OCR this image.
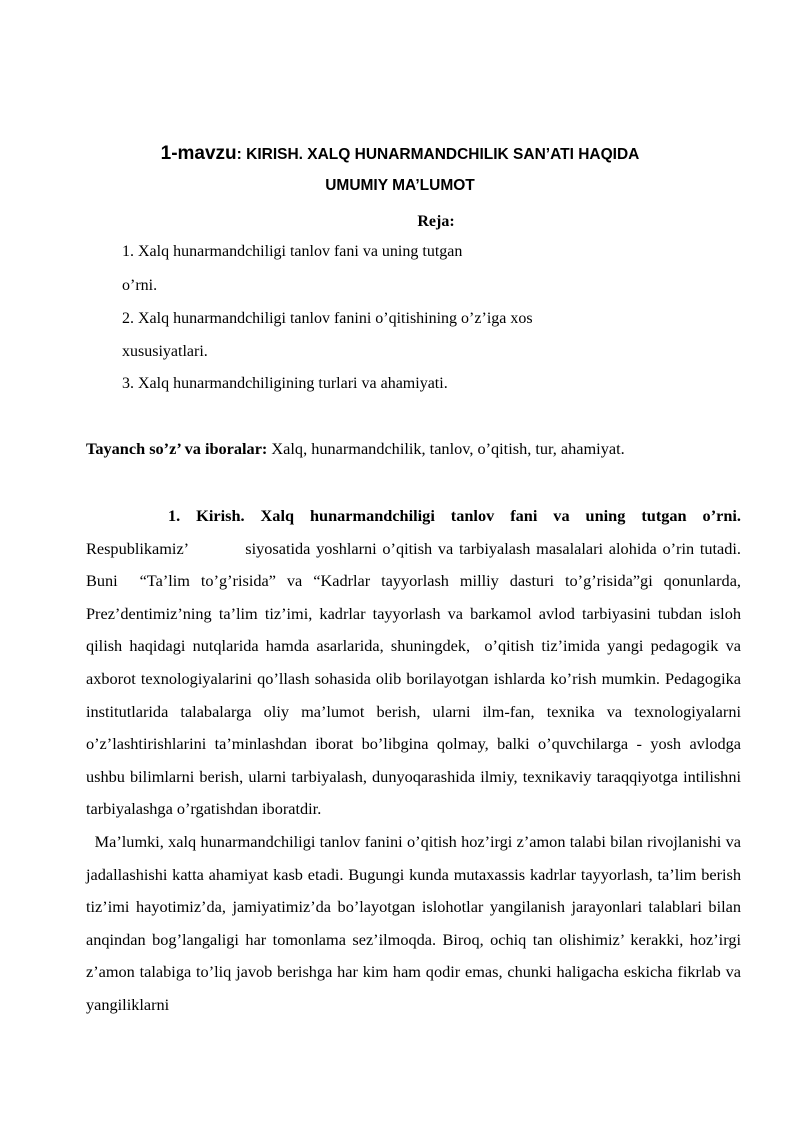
1-mavzu: KIRISH. XALQ HUNARMANDCHILIK SAN’ATI HAQIDA
UMUMIY MA’LUMOT
Reja:
1. Xalq hunarmandchiligi tanlov fani va uning tutgan
o’rni.
2. Xalq hunarmandchiligi tanlov fanini o’qitishining o’z’iga xos
xususiyatlari.
3. Xalq hunarmandchiligining turlari va ahamiyati.
Tayanch so’z’ va iboralar: Xalq, hunarmandchilik, tanlov, o’qitish, tur, ahamiyat.

1. Kirish. Xalq hunarmandchiligi tanlov fani va uning tutgan o’rni.

Respublikamiz’          siyosatida yoshlarni o’qitish va tarbiyalash masalalari alohida o’rin tutadi. Buni  “Ta’lim to’g’risida” va “Kadrlar tayyorlash milliy dasturi to’g’risida”gi qonunlarda, Prez’dentimiz’ning ta’lim tiz’imi, kadrlar tayyorlash va barkamol avlod tarbiyasini tubdan isloh qilish haqidagi nutqlarida hamda asarlarida, shuningdek,  o’qitish tiz’imida yangi pedagogik va axborot texnologiyalarini qo’llash sohasida olib borilayotgan ishlarda ko’rish mumkin. Pedagogika institutlarida talabalarga oliy ma’lumot berish, ularni ilm-fan, texnika va texnologiyalarni o’z’lashtirishlarini ta’minlashdan iborat bo’libgina qolmay, balki o’quvchilarga - yosh avlodga ushbu bilimlarni berish, ularni tarbiyalash, dunyoqarashida ilmiy, texnikaviy taraqqiyotga intilishni tarbiyalashga o’rgatishdan iboratdir.

Ma’lumki, xalq hunarmandchiligi tanlov fanini o’qitish hoz’irgi z’amon talabi bilan rivojlanishi va jadallashishi katta ahamiyat kasb etadi. Bugungi kunda mutaxassis kadrlar tayyorlash, ta’lim berish tiz’imi hayotimiz’da, jamiyatimiz’da bo’layotgan islohotlar yangilanish jarayonlari talablari bilan anqindan bog’langaligi har tomonlama sez’ilmoqda. Biroq, ochiq tan olishimiz’ kerakki, hoz’irgi z’amon talabiga to’liq javob berishga har kim ham qodir emas, chunki haligacha eskicha fikrlab va yangiliklarni
